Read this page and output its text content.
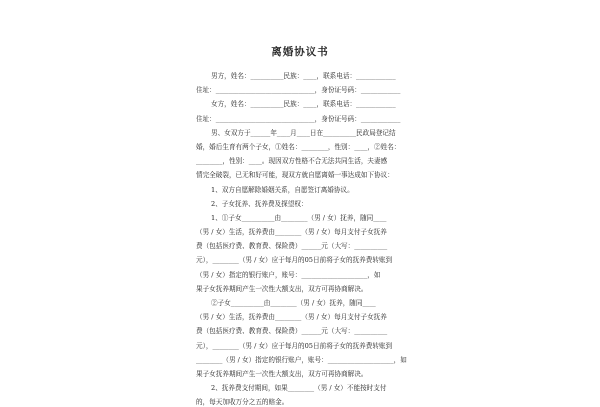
离婚协议书
男方，姓名：__________民族：____，联系电话：____________
住址：______________________________，身份证号码：____________
女方，姓名：__________民族：____，联系电话：____________
住址：______________________________，身份证号码：____________
男、女双方于______年____月____日在__________民政局登记结
婚，婚后生育有两个子女，①姓名：________，性别：____，②姓名：
________，性别：____。现因双方性格不合无法共同生活，夫妻感
情完全破裂，已无和好可能，现双方就自愿离婚一事达成如下协议：
1、双方自愿解除婚姻关系，自愿签订离婚协议。
2、子女抚养、抚养费及探望权：
1、①子女__________由________（男 / 女）抚养，随同____
（男 / 女）生活，抚养费由________（男 / 女）每月支付子女抚养
费（包括医疗费、教育费、保险费）______元（大写：__________
元），________（男 / 女）应于每月的05日前将子女的抚养费转账到
（男 / 女）指定的银行账户，账号：____________________，如
果子女抚养期间产生一次性大额支出，双方可再协商解决。
②子女__________由________（男 / 女）抚养，随同____
（男 / 女）生活，抚养费由________（男 / 女）每月支付子女抚养
费（包括医疗费、教育费、保险费）______元（大写：__________
元），________（男 / 女）应于每月的05日前将子女的抚养费转账到
________（男 / 女）指定的银行账户，账号：____________________，如
果子女抚养期间产生一次性大额支出，双方可再协商解决。
2、抚养费支付期间，如果________（男 / 女）不能按时支付
的，每天加收万分之五的赔金。
